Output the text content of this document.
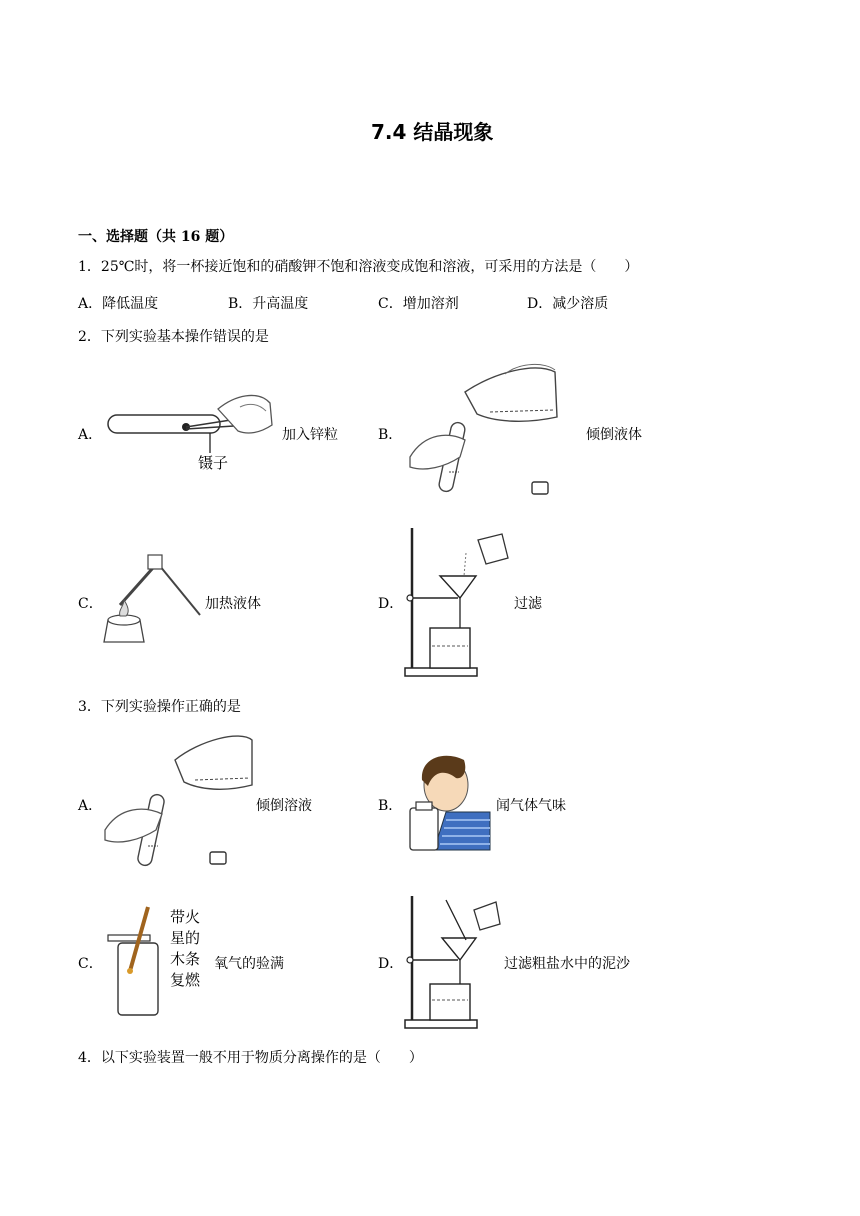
7.4 结晶现象
一、选择题（共 16 题）
1．25℃时，将一杯接近饱和的硝酸钾不饱和溶液变成饱和溶液，可采用的方法是（　　）
A．降低温度	B．升高温度	C．增加溶剂	D．减少溶质
2．下列实验基本操作错误的是
A．
镊子
加入锌粒	B．	倾倒液体
C．	加热液体	D．	过滤
3．下列实验操作正确的是
A．	倾倒溶液	B．	闻气体气味
C．
带火
星的
木条
复燃
氧气的验满	D．	过滤粗盐水中的泥沙
4．以下实验装置一般不用于物质分离操作的是（　　）
